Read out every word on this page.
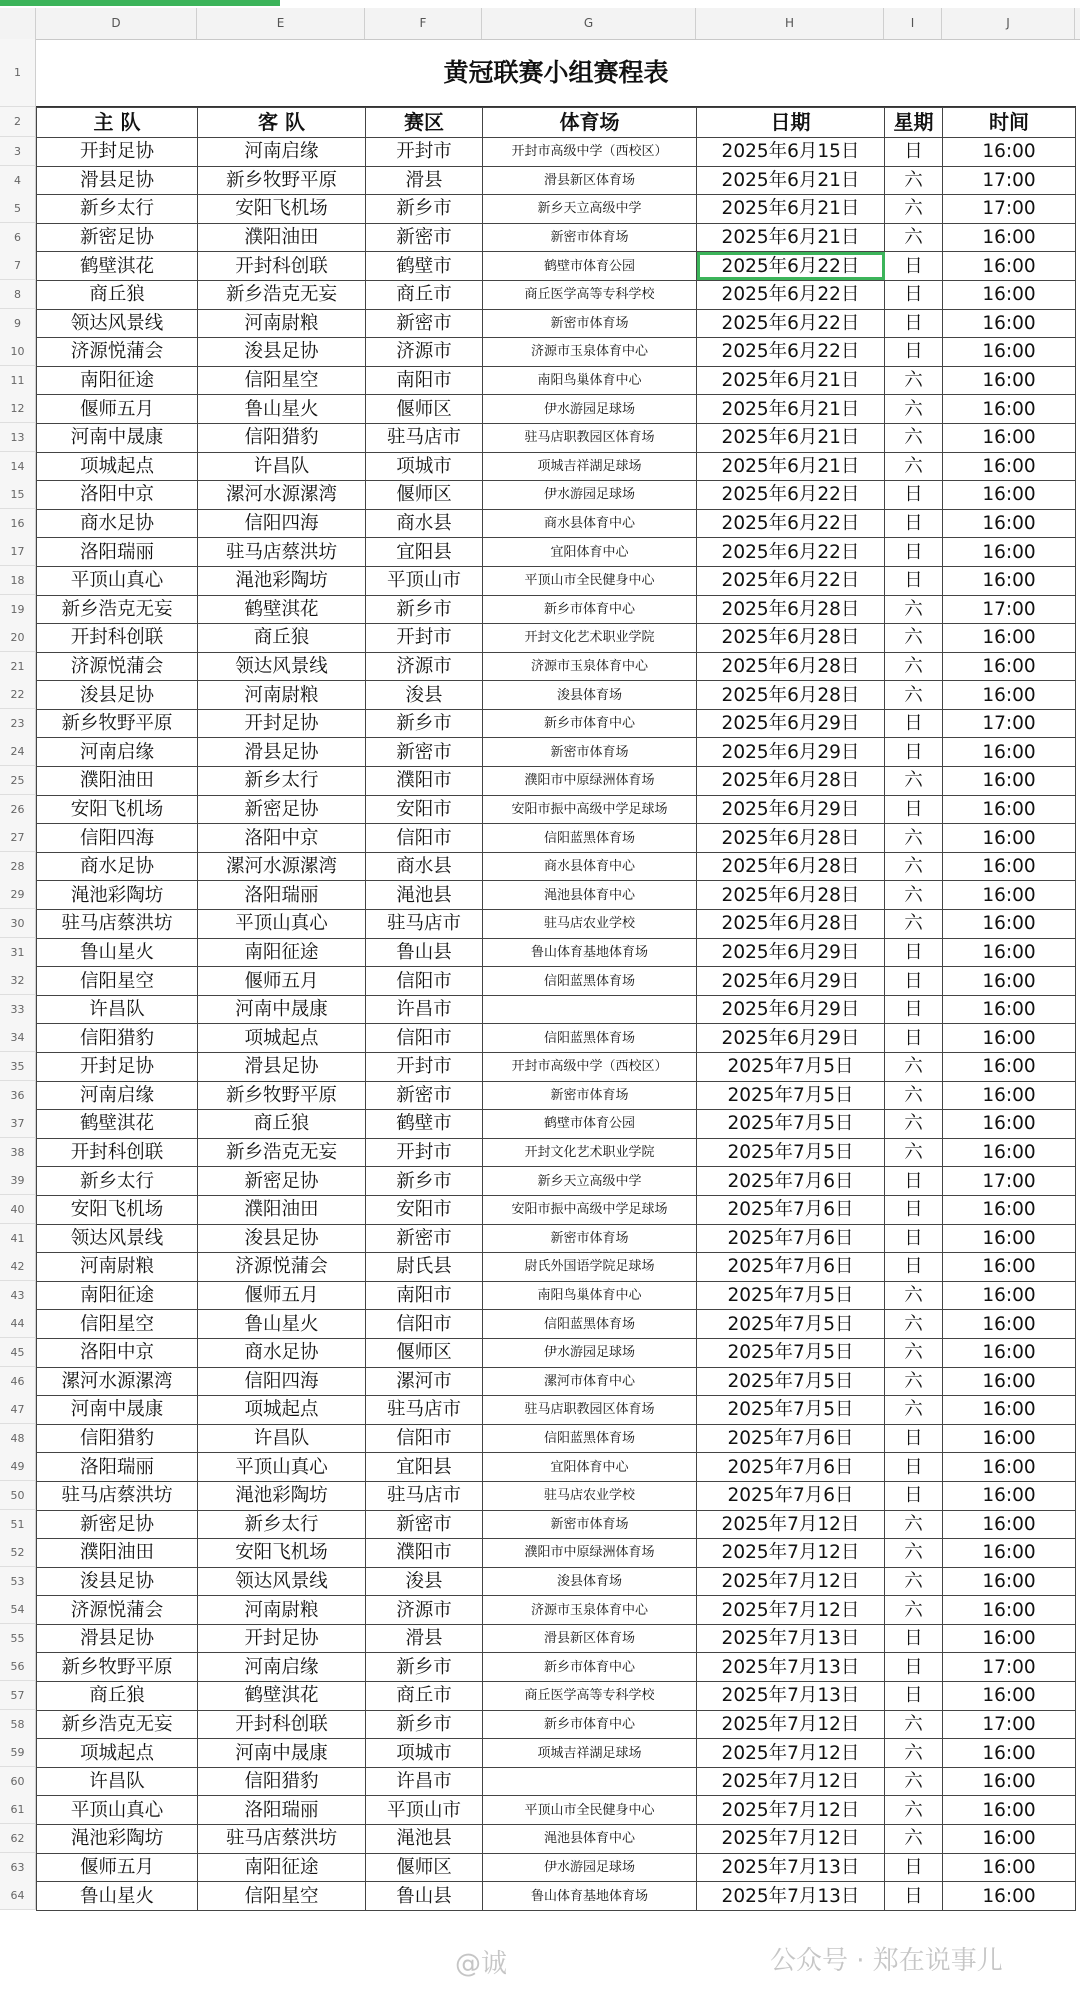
D	E	F	G	H	I	J
1
2
3
4
5
6
7
8
9
10
11
12
13
14
15
16
17
18
19
20
21
22
23
24
25
26
27
28
29
30
31
32
33
34
35
36
37
38
39
40
41
42
43
44
45
46
47
48
49
50
51
52
53
54
55
56
57
58
59
60
61
62
63
64
黄冠联赛小组赛程表
主 队	客 队	赛区	体育场	日期	星期	时间
开封足协	河南启缘	开封市	开封市高级中学（西校区）	2025年6月15日	日	16:00
滑县足协	新乡牧野平原	滑县	滑县新区体育场	2025年6月21日	六	17:00
新乡太行	安阳飞机场	新乡市	新乡天立高级中学	2025年6月21日	六	17:00
新密足协	濮阳油田	新密市	新密市体育场	2025年6月21日	六	16:00
鹤壁淇花	开封科创联	鹤壁市	鹤壁市体育公园	2025年6月22日	日	16:00
商丘狼	新乡浩克无妄	商丘市	商丘医学高等专科学校	2025年6月22日	日	16:00
领达风景线	河南尉粮	新密市	新密市体育场	2025年6月22日	日	16:00
济源悦蒲会	浚县足协	济源市	济源市玉泉体育中心	2025年6月22日	日	16:00
南阳征途	信阳星空	南阳市	南阳鸟巢体育中心	2025年6月21日	六	16:00
偃师五月	鲁山星火	偃师区	伊水游园足球场	2025年6月21日	六	16:00
河南中晟康	信阳猎豹	驻马店市	驻马店职教园区体育场	2025年6月21日	六	16:00
项城起点	许昌队	项城市	项城吉祥湖足球场	2025年6月21日	六	16:00
洛阳中京	漯河水源漯湾	偃师区	伊水游园足球场	2025年6月22日	日	16:00
商水足协	信阳四海	商水县	商水县体育中心	2025年6月22日	日	16:00
洛阳瑞丽	驻马店蔡洪坊	宜阳县	宜阳体育中心	2025年6月22日	日	16:00
平顶山真心	渑池彩陶坊	平顶山市	平顶山市全民健身中心	2025年6月22日	日	16:00
新乡浩克无妄	鹤壁淇花	新乡市	新乡市体育中心	2025年6月28日	六	17:00
开封科创联	商丘狼	开封市	开封文化艺术职业学院	2025年6月28日	六	16:00
济源悦蒲会	领达风景线	济源市	济源市玉泉体育中心	2025年6月28日	六	16:00
浚县足协	河南尉粮	浚县	浚县体育场	2025年6月28日	六	16:00
新乡牧野平原	开封足协	新乡市	新乡市体育中心	2025年6月29日	日	17:00
河南启缘	滑县足协	新密市	新密市体育场	2025年6月29日	日	16:00
濮阳油田	新乡太行	濮阳市	濮阳市中原绿洲体育场	2025年6月28日	六	16:00
安阳飞机场	新密足协	安阳市	安阳市振中高级中学足球场	2025年6月29日	日	16:00
信阳四海	洛阳中京	信阳市	信阳蓝黑体育场	2025年6月28日	六	16:00
商水足协	漯河水源漯湾	商水县	商水县体育中心	2025年6月28日	六	16:00
渑池彩陶坊	洛阳瑞丽	渑池县	渑池县体育中心	2025年6月28日	六	16:00
驻马店蔡洪坊	平顶山真心	驻马店市	驻马店农业学校	2025年6月28日	六	16:00
鲁山星火	南阳征途	鲁山县	鲁山体育基地体育场	2025年6月29日	日	16:00
信阳星空	偃师五月	信阳市	信阳蓝黑体育场	2025年6月29日	日	16:00
许昌队	河南中晟康	许昌市		2025年6月29日	日	16:00
信阳猎豹	项城起点	信阳市	信阳蓝黑体育场	2025年6月29日	日	16:00
开封足协	滑县足协	开封市	开封市高级中学（西校区）	2025年7月5日	六	16:00
河南启缘	新乡牧野平原	新密市	新密市体育场	2025年7月5日	六	16:00
鹤壁淇花	商丘狼	鹤壁市	鹤壁市体育公园	2025年7月5日	六	16:00
开封科创联	新乡浩克无妄	开封市	开封文化艺术职业学院	2025年7月5日	六	16:00
新乡太行	新密足协	新乡市	新乡天立高级中学	2025年7月6日	日	17:00
安阳飞机场	濮阳油田	安阳市	安阳市振中高级中学足球场	2025年7月6日	日	16:00
领达风景线	浚县足协	新密市	新密市体育场	2025年7月6日	日	16:00
河南尉粮	济源悦蒲会	尉氏县	尉氏外国语学院足球场	2025年7月6日	日	16:00
南阳征途	偃师五月	南阳市	南阳鸟巢体育中心	2025年7月5日	六	16:00
信阳星空	鲁山星火	信阳市	信阳蓝黑体育场	2025年7月5日	六	16:00
洛阳中京	商水足协	偃师区	伊水游园足球场	2025年7月5日	六	16:00
漯河水源漯湾	信阳四海	漯河市	漯河市体育中心	2025年7月5日	六	16:00
河南中晟康	项城起点	驻马店市	驻马店职教园区体育场	2025年7月5日	六	16:00
信阳猎豹	许昌队	信阳市	信阳蓝黑体育场	2025年7月6日	日	16:00
洛阳瑞丽	平顶山真心	宜阳县	宜阳体育中心	2025年7月6日	日	16:00
驻马店蔡洪坊	渑池彩陶坊	驻马店市	驻马店农业学校	2025年7月6日	日	16:00
新密足协	新乡太行	新密市	新密市体育场	2025年7月12日	六	16:00
濮阳油田	安阳飞机场	濮阳市	濮阳市中原绿洲体育场	2025年7月12日	六	16:00
浚县足协	领达风景线	浚县	浚县体育场	2025年7月12日	六	16:00
济源悦蒲会	河南尉粮	济源市	济源市玉泉体育中心	2025年7月12日	六	16:00
滑县足协	开封足协	滑县	滑县新区体育场	2025年7月13日	日	16:00
新乡牧野平原	河南启缘	新乡市	新乡市体育中心	2025年7月13日	日	17:00
商丘狼	鹤壁淇花	商丘市	商丘医学高等专科学校	2025年7月13日	日	16:00
新乡浩克无妄	开封科创联	新乡市	新乡市体育中心	2025年7月12日	六	17:00
项城起点	河南中晟康	项城市	项城吉祥湖足球场	2025年7月12日	六	16:00
许昌队	信阳猎豹	许昌市		2025年7月12日	六	16:00
平顶山真心	洛阳瑞丽	平顶山市	平顶山市全民健身中心	2025年7月12日	六	16:00
渑池彩陶坊	驻马店蔡洪坊	渑池县	渑池县体育中心	2025年7月12日	六	16:00
偃师五月	南阳征途	偃师区	伊水游园足球场	2025年7月13日	日	16:00
鲁山星火	信阳星空	鲁山县	鲁山体育基地体育场	2025年7月13日	日	16:00
@诚	公众号 · 郑在说事儿
